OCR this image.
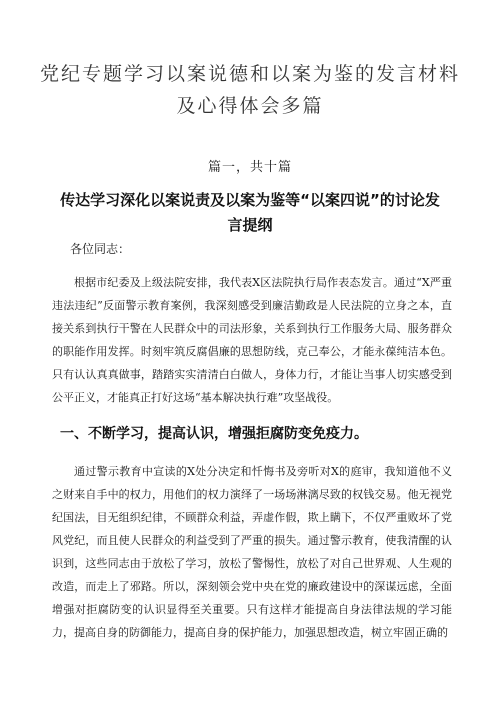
党纪专题学习以案说德和以案为鉴的发言材料及心得体会多篇
篇一，共十篇
传达学习深化以案说责及以案为鉴等“以案四说”的讨论发言提纲
各位同志：
根据市纪委及上级法院安排，我代表X区法院执行局作表态发言。通过“X严重违法违纪”反面警示教育案例，我深刻感受到廉洁勤政是人民法院的立身之本，直接关系到执行干警在人民群众中的司法形象，关系到执行工作服务大局、服务群众的职能作用发挥。时刻牢筑反腐倡廉的思想防线，克己奉公，才能永葆纯洁本色。只有认认真真做事，踏踏实实清清白白做人，身体力行，才能让当事人切实感受到公平正义，才能真正打好这场“基本解决执行难”攻坚战役。
一、不断学习，提高认识，增强拒腐防变免疫力。
通过警示教育中宣读的X处分决定和忏悔书及旁听对X的庭审，我知道他不义之财来自手中的权力，用他们的权力演绎了一场场淋漓尽致的权钱交易。他无视党纪国法，目无组织纪律，不顾群众利益，弄虚作假，欺上瞒下，不仅严重败坏了党风党纪，而且使人民群众的利益受到了严重的损失。通过警示教育，使我清醒的认识到，这些同志由于放松了学习，放松了警惕性，放松了对自己世界观、人生观的改造，而走上了邪路。所以，深刻领会党中央在党的廉政建设中的深谋远虑，全面增强对拒腐防变的认识显得至关重要。只有这样才能提高自身法律法规的学习能力，提高自身的防御能力，提高自身的保护能力，加强思想改造，树立牢固正确的
